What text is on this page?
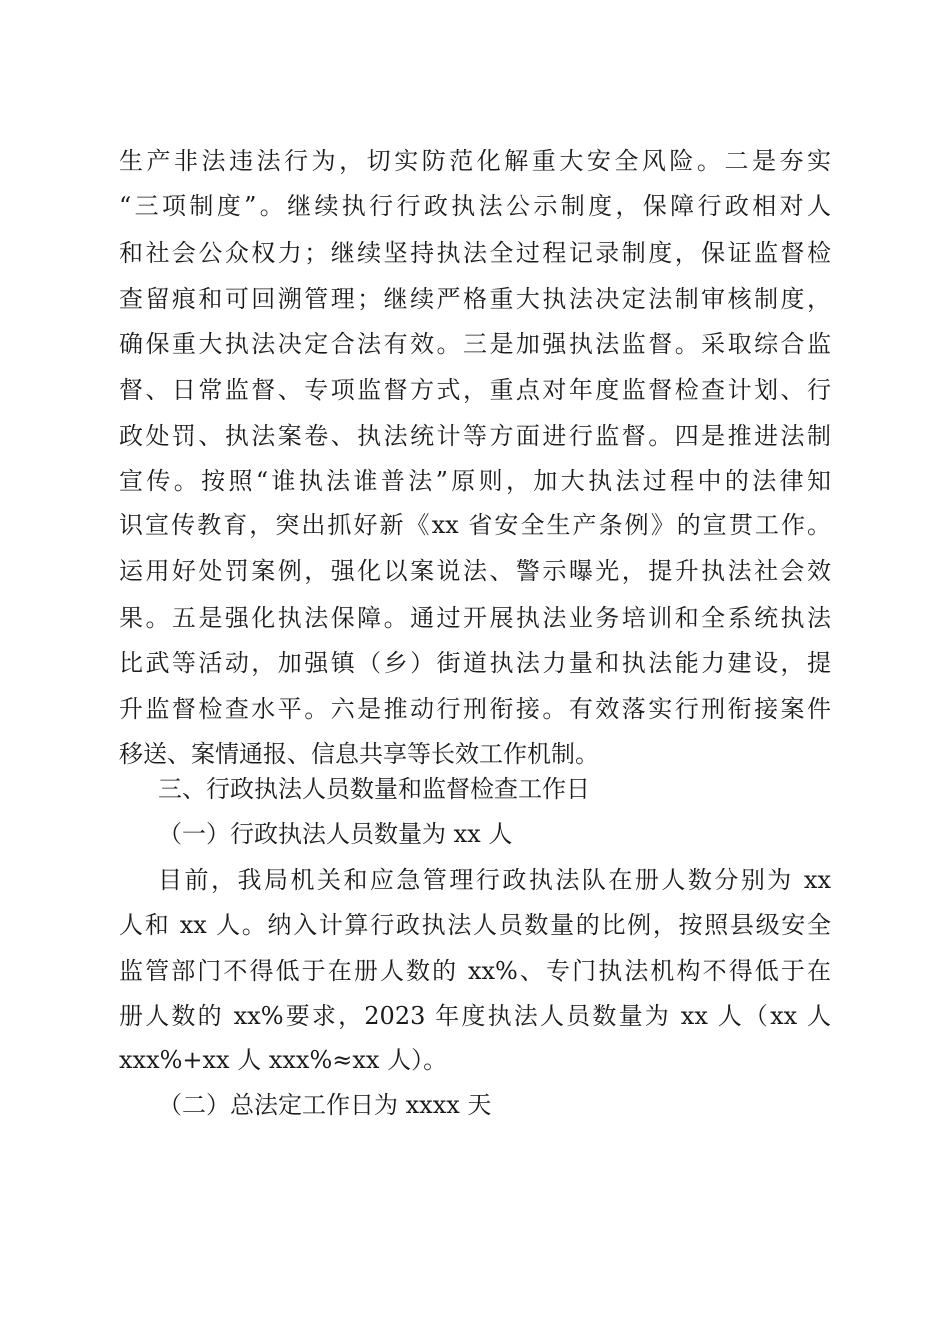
生产非法违法行为，切实防范化解重大安全风险。二是夯实
“三项制度”。继续执行行政执法公示制度，保障行政相对人
和社会公众权力；继续坚持执法全过程记录制度，保证监督检
查留痕和可回溯管理；继续严格重大执法决定法制审核制度，
确保重大执法决定合法有效。三是加强执法监督。采取综合监
督、日常监督、专项监督方式，重点对年度监督检查计划、行
政处罚、执法案卷、执法统计等方面进行监督。四是推进法制
宣传。按照“谁执法谁普法”原则，加大执法过程中的法律知
识宣传教育，突出抓好新《xx 省安全生产条例》的宣贯工作。
运用好处罚案例，强化以案说法、警示曝光，提升执法社会效
果。五是强化执法保障。通过开展执法业务培训和全系统执法
比武等活动，加强镇（乡）街道执法力量和执法能力建设，提
升监督检查水平。六是推动行刑衔接。有效落实行刑衔接案件
移送、案情通报、信息共享等长效工作机制。
三、行政执法人员数量和监督检查工作日
（一）行政执法人员数量为 xx 人
目前，我局机关和应急管理行政执法队在册人数分别为 xx
人和 xx 人。纳入计算行政执法人员数量的比例，按照县级安全
监管部门不得低于在册人数的 xx%、专门执法机构不得低于在
册人数的 xx%要求，2023 年度执法人员数量为 xx 人（xx 人
xxx%+xx 人 xxx%≈xx 人）。
（二）总法定工作日为 xxxx 天
